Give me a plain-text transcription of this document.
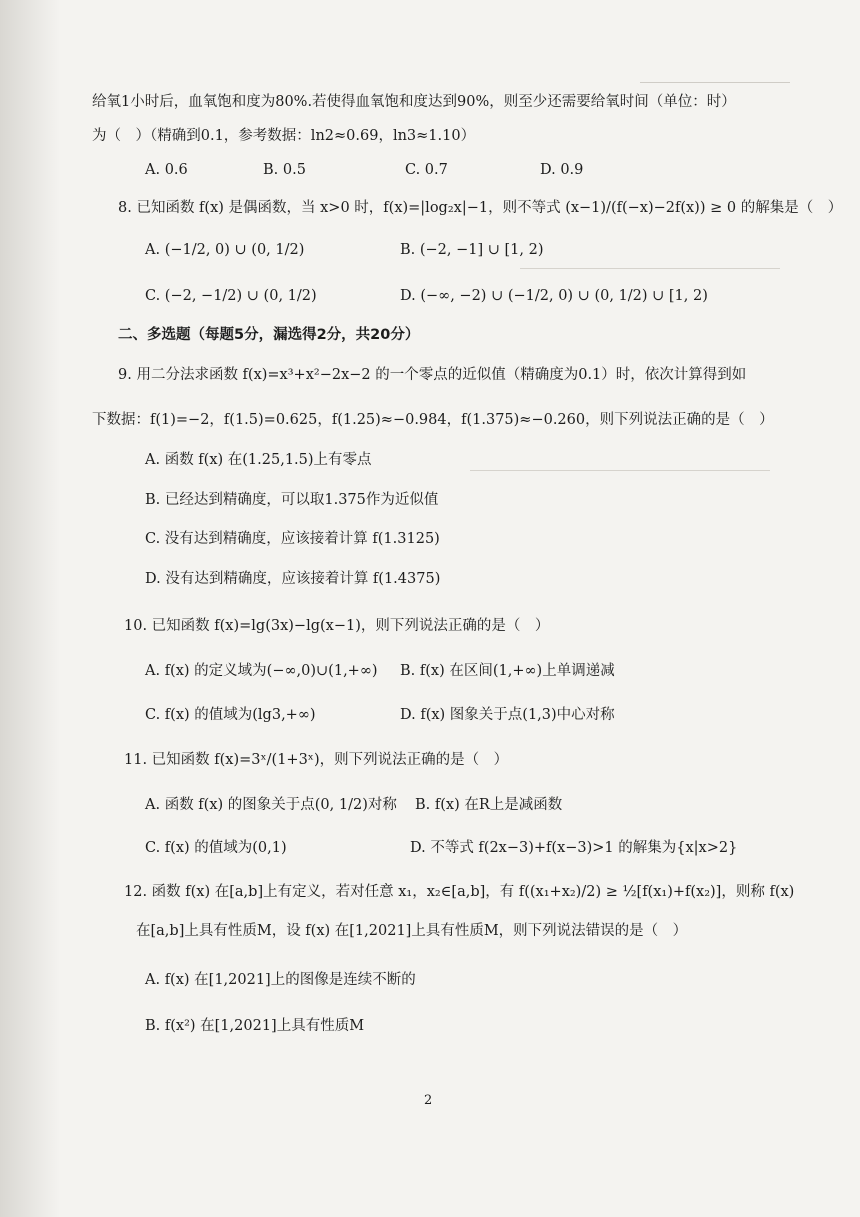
给氧1小时后，血氧饱和度为80%.若使得血氧饱和度达到90%，则至少还需要给氧时间（单位：时）
为（　）（精确到0.1，参考数据：ln2≈0.69，ln3≈1.10）
A. 0.6	B. 0.5	C. 0.7	D. 0.9
8. 已知函数 f(x) 是偶函数，当 x>0 时，f(x)=|log₂x|−1，则不等式 (x−1)/(f(−x)−2f(x)) ≥ 0 的解集是（　）
A. (−1/2, 0) ∪ (0, 1/2)	B. (−2, −1] ∪ [1, 2)
C. (−2, −1/2) ∪ (0, 1/2)	D. (−∞, −2) ∪ (−1/2, 0) ∪ (0, 1/2) ∪ [1, 2)
二、多选题（每题5分，漏选得2分，共20分）
9. 用二分法求函数 f(x)=x³+x²−2x−2 的一个零点的近似值（精确度为0.1）时，依次计算得到如
下数据：f(1)=−2，f(1.5)=0.625，f(1.25)≈−0.984，f(1.375)≈−0.260，则下列说法正确的是（　）
A. 函数 f(x) 在(1.25,1.5)上有零点
B. 已经达到精确度，可以取1.375作为近似值
C. 没有达到精确度，应该接着计算 f(1.3125)
D. 没有达到精确度，应该接着计算 f(1.4375)
10. 已知函数 f(x)=lg(3x)−lg(x−1)，则下列说法正确的是（　）
A. f(x) 的定义域为(−∞,0)∪(1,+∞) B. f(x) 在区间(1,+∞)上单调递减
C. f(x) 的值域为(lg3,+∞)	D. f(x) 图象关于点(1,3)中心对称
11. 已知函数 f(x)=3ˣ/(1+3ˣ)，则下列说法正确的是（　）
A. 函数 f(x) 的图象关于点(0, 1/2)对称 B. f(x) 在R上是减函数
C. f(x) 的值域为(0,1)	D. 不等式 f(2x−3)+f(x−3)>1 的解集为{x|x>2}
12. 函数 f(x) 在[a,b]上有定义，若对任意 x₁，x₂∈[a,b]，有 f((x₁+x₂)/2) ≥ ½[f(x₁)+f(x₂)]，则称 f(x)
在[a,b]上具有性质M，设 f(x) 在[1,2021]上具有性质M，则下列说法错误的是（　）
A. f(x) 在[1,2021]上的图像是连续不断的
B. f(x²) 在[1,2021]上具有性质M
2
